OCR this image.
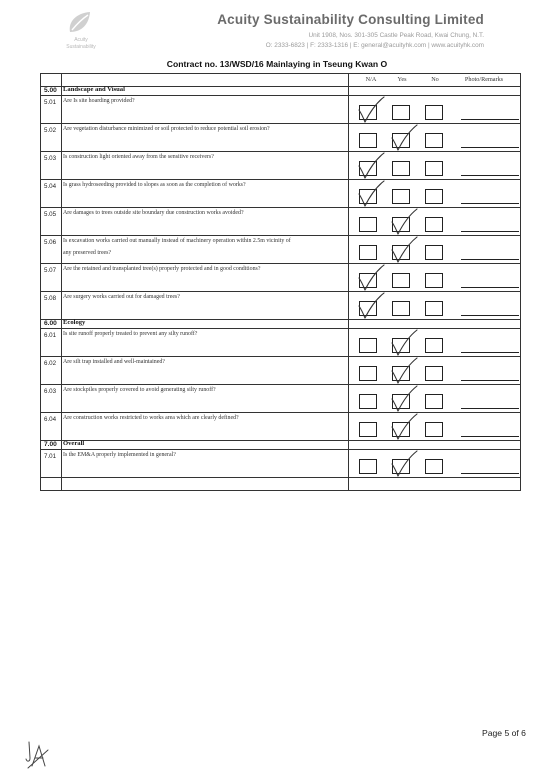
Acuity
Sustainability
Acuity Sustainability Consulting Limited
Unit 1908, Nos. 301-305 Castle Peak Road, Kwai Chung, N.T.
O: 2333-6823 | F: 2333-1316 | E: general@acuityhk.com | www.acuityhk.com
Contract no. 13/WSD/16 Mainlaying in Tseung Kwan O
N/A	Yes	No	Photo/Remarks
5.00 Landscape and Visual
5.01 Are Is site hoarding provided?
5.02 Are vegetation disturbance minimized or soil protected to reduce potential soil erosion?
5.03 Is construction light oriented away from the sensitive receivers?
5.04 Is grass hydroseeding provided to slopes as soon as the completion of works?
5.05 Are damages to trees outside site boundary due construction works avoided?
5.06 Is excavation works carried out manually instead of machinery operation within 2.5m vicinity of
any preserved trees?
5.07 Are the retained and transplanted tree(s) properly protected and in good conditions?
5.08 Are surgery works carried out for damaged trees?
6.00 Ecology
6.01 Is site runoff properly treated to prevent any silty runoff?
6.02 Are silt trap installed and well-maintained?
6.03 Are stockpiles properly covered to avoid generating silty runoff?
6.04 Are construction works restricted to works area which are clearly defined?
7.00 Overall
7.01 Is the EM&A properly implemented in general?
Page 5 of 6
